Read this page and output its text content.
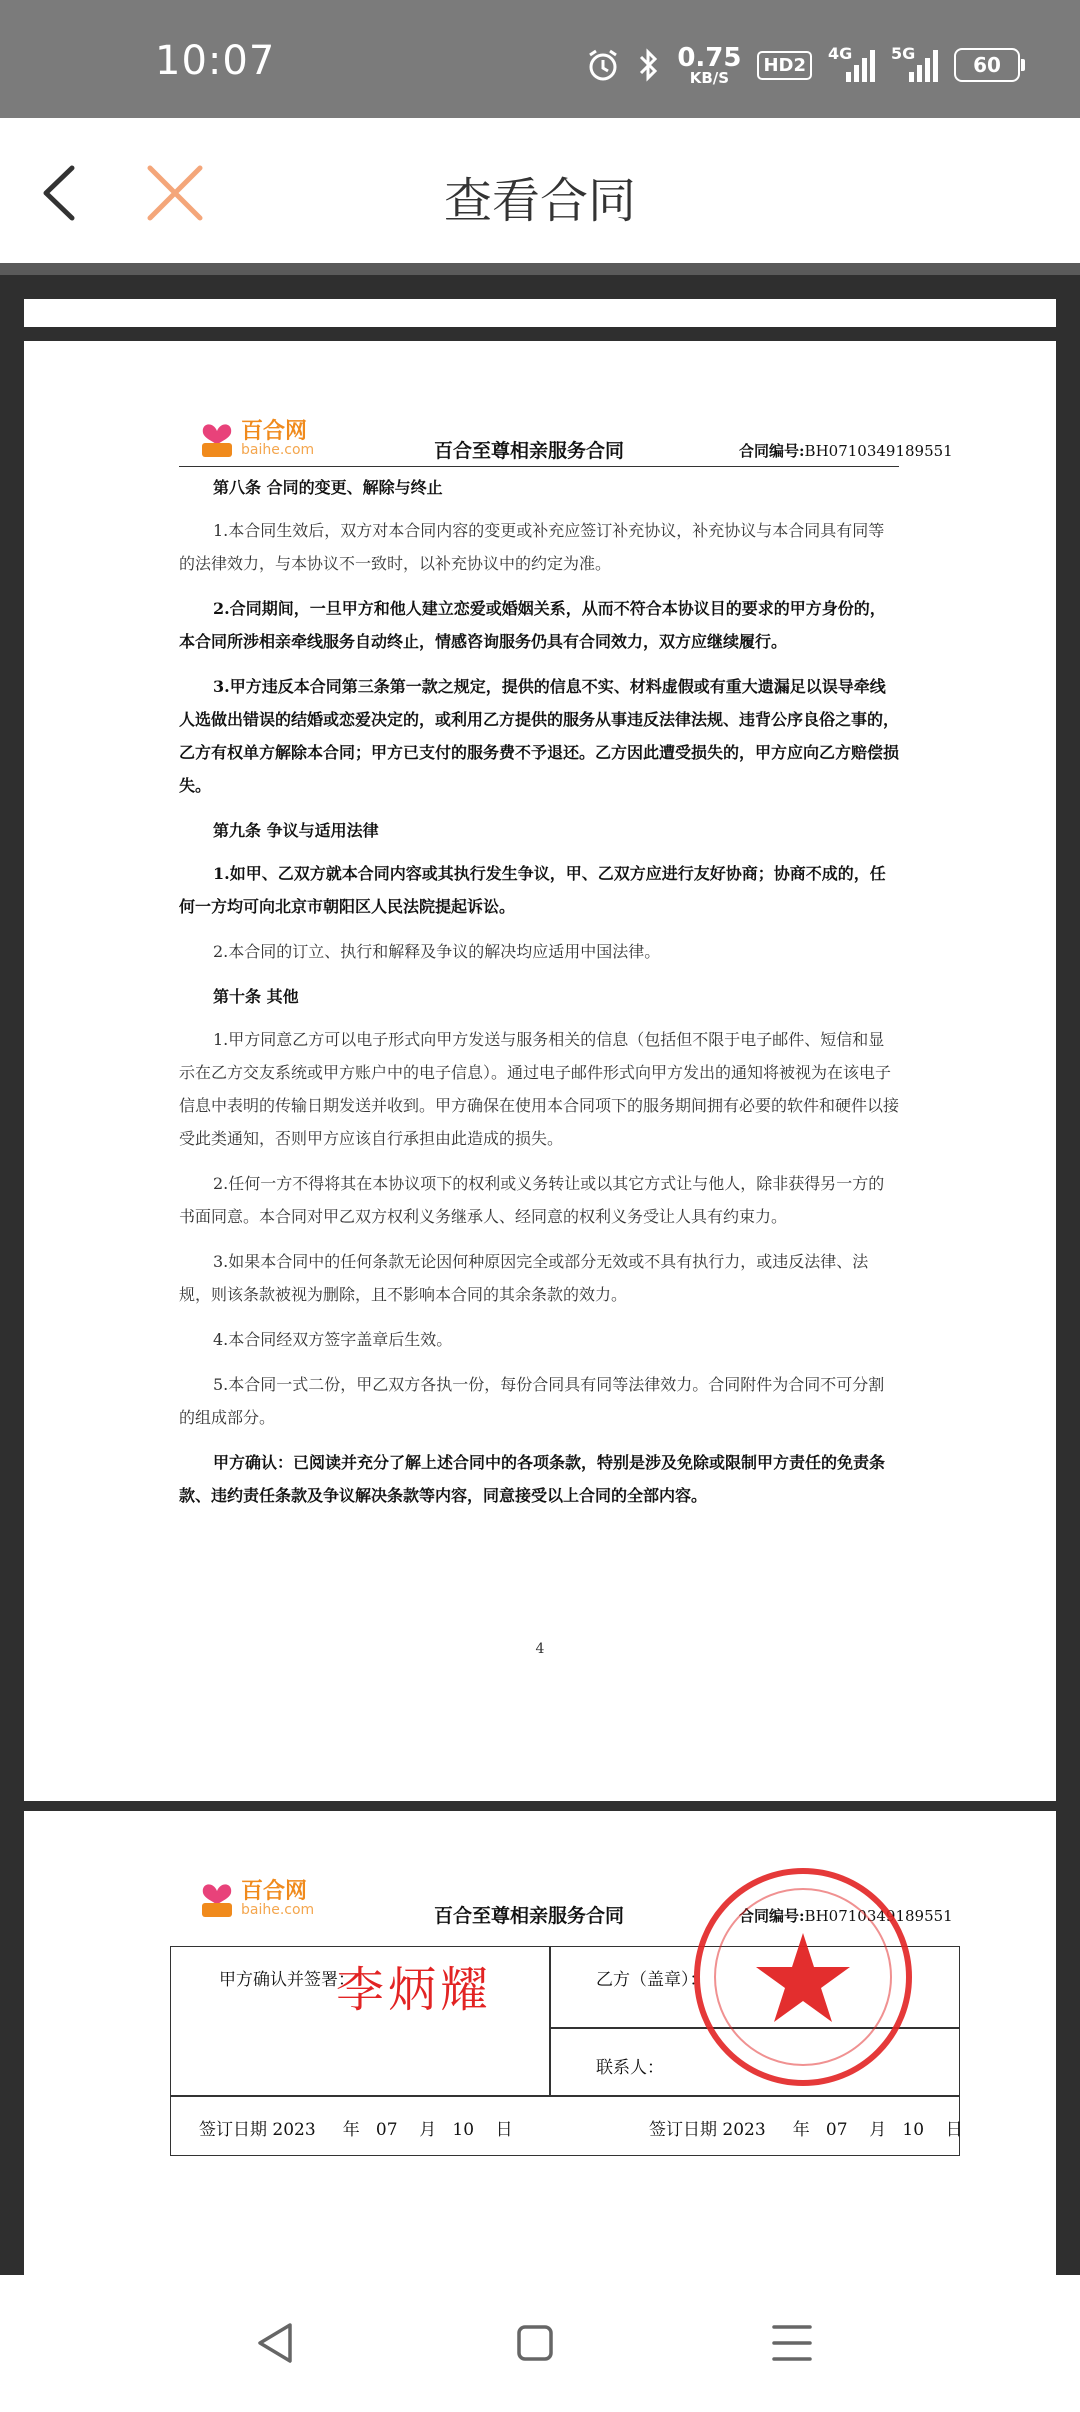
10:07	0.75
KB/S
HD2
4G 5G	60
查看合同
百合网
baihe.com	百合至尊相亲服务合同	合同编号:BH0710349189551

第八条 合同的变更、解除与终止

1.本合同生效后，双方对本合同内容的变更或补充应签订补充协议，补充协议与本合同具有同等的法律效力，与本协议不一致时，以补充协议中的约定为准。

2.合同期间，一旦甲方和他人建立恋爱或婚姻关系，从而不符合本协议目的要求的甲方身份的，本合同所涉相亲牵线服务自动终止，情感咨询服务仍具有合同效力，双方应继续履行。

3.甲方违反本合同第三条第一款之规定，提供的信息不实、材料虚假或有重大遗漏足以误导牵线人选做出错误的结婚或恋爱决定的，或利用乙方提供的服务从事违反法律法规、违背公序良俗之事的，乙方有权单方解除本合同；甲方已支付的服务费不予退还。乙方因此遭受损失的，甲方应向乙方赔偿损失。

第九条 争议与适用法律

1.如甲、乙双方就本合同内容或其执行发生争议，甲、乙双方应进行友好协商；协商不成的，任何一方均可向北京市朝阳区人民法院提起诉讼。

2.本合同的订立、执行和解释及争议的解决均应适用中国法律。

第十条 其他

1.甲方同意乙方可以电子形式向甲方发送与服务相关的信息（包括但不限于电子邮件、短信和显示在乙方交友系统或甲方账户中的电子信息）。通过电子邮件形式向甲方发出的通知将被视为在该电子信息中表明的传输日期发送并收到。甲方确保在使用本合同项下的服务期间拥有必要的软件和硬件以接受此类通知，否则甲方应该自行承担由此造成的损失。

2.任何一方不得将其在本协议项下的权利或义务转让或以其它方式让与他人，除非获得另一方的书面同意。本合同对甲乙双方权利义务继承人、经同意的权利义务受让人具有约束力。

3.如果本合同中的任何条款无论因何种原因完全或部分无效或不具有执行力，或违反法律、法规，则该条款被视为删除，且不影响本合同的其余条款的效力。

4.本合同经双方签字盖章后生效。

5.本合同一式二份，甲乙双方各执一份，每份合同具有同等法律效力。合同附件为合同不可分割的组成部分。

甲方确认：已阅读并充分了解上述合同中的各项条款，特别是涉及免除或限制甲方责任的免责条款、违约责任条款及争议解决条款等内容，同意接受以上合同的全部内容。

4
百合网
baihe.com	百合至尊相亲服务合同	合同编号:BH0710349189551
甲方确认并签署：
李炳耀	乙方（盖章）：
联系人：
签订日期 2023 年 07 月 10 日	签订日期 2023 年 07 月 10 日
